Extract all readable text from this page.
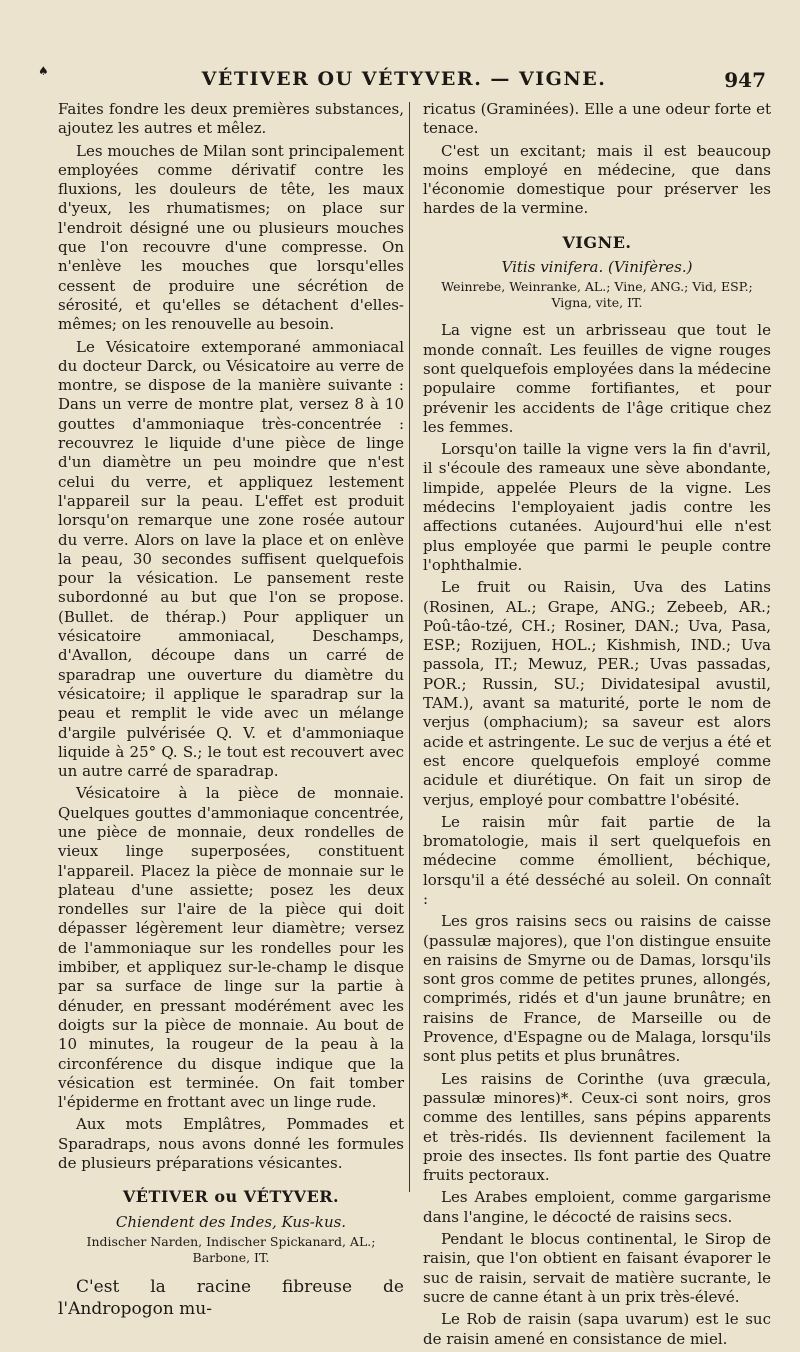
♠	VÉTIVER OU VÉTYVER. — VIGNE.	947

Faites fondre les deux premières substances, ajoutez les autres et mêlez.

Les mouches de Milan sont principalement employées comme dérivatif contre les fluxions, les douleurs de tête, les maux d'yeux, les rhumatismes; on place sur l'endroit désigné une ou plusieurs mouches que l'on recouvre d'une compresse. On n'enlève les mouches que lorsqu'elles cessent de produire une sécrétion de sérosité, et qu'elles se détachent d'elles-mêmes; on les renouvelle au besoin.

Le Vésicatoire extemporané ammoniacal du docteur Darck, ou Vésicatoire au verre de montre, se dispose de la manière suivante : Dans un verre de montre plat, versez 8 à 10 gouttes d'ammoniaque très-concentrée : recouvrez le liquide d'une pièce de linge d'un diamètre un peu moindre que n'est celui du verre, et appliquez lestement l'appareil sur la peau. L'effet est produit lorsqu'on remarque une zone rosée autour du verre. Alors on lave la place et on enlève la peau, 30 secondes suffisent quelquefois pour la vésication. Le pansement reste subordonné au but que l'on se propose. (Bullet. de thérap.) Pour appliquer un vésicatoire ammoniacal, Deschamps, d'Avallon, découpe dans un carré de sparadrap une ouverture du diamètre du vésicatoire; il applique le sparadrap sur la peau et remplit le vide avec un mélange d'argile pulvérisée Q. V. et d'ammoniaque liquide à 25° Q. S.; le tout est recouvert avec un autre carré de sparadrap.

Vésicatoire à la pièce de monnaie. Quelques gouttes d'ammoniaque concentrée, une pièce de monnaie, deux rondelles de vieux linge superposées, constituent l'appareil. Placez la pièce de monnaie sur le plateau d'une assiette; posez les deux rondelles sur l'aire de la pièce qui doit dépasser légèrement leur diamètre; versez de l'ammoniaque sur les rondelles pour les imbiber, et appliquez sur-le-champ le disque par sa surface de linge sur la partie à dénuder, en pressant modérément avec les doigts sur la pièce de monnaie. Au bout de 10 minutes, la rougeur de la peau à la circonférence du disque indique que la vésication est terminée. On fait tomber l'épiderme en frottant avec un linge rude.

Aux mots Emplâtres, Pommades et Sparadraps, nous avons donné les formules de plusieurs préparations vésicantes.

VÉTIVER ou VÉTYVER.
Chiendent des Indes, Kus-kus.
Indischer Narden, Indischer Spickanard, AL.; Barbone, IT.

C'est la racine fibreuse de l'Andropogon mu-

ricatus (Graminées). Elle a une odeur forte et tenace.

C'est un excitant; mais il est beaucoup moins employé en médecine, que dans l'économie domestique pour préserver les hardes de la vermine.

VIGNE.
Vitis vinifera. (Vinifères.)
Weinrebe, Weinranke, AL.; Vine, ANG.; Vid, ESP.; Vigna, vite, IT.

La vigne est un arbrisseau que tout le monde connaît. Les feuilles de vigne rouges sont quelquefois employées dans la médecine populaire comme fortifiantes, et pour prévenir les accidents de l'âge critique chez les femmes.

Lorsqu'on taille la vigne vers la fin d'avril, il s'écoule des rameaux une sève abondante, limpide, appelée Pleurs de la vigne. Les médecins l'employaient jadis contre les affections cutanées. Aujourd'hui elle n'est plus employée que parmi le peuple contre l'ophthalmie.

Le fruit ou Raisin, Uva des Latins (Rosinen, AL.; Grape, ANG.; Zebeeb, AR.; Poû-tâo-tzé, CH.; Rosiner, DAN.; Uva, Pasa, ESP.; Rozijuen, HOL.; Kishmish, IND.; Uva passola, IT.; Mewuz, PER.; Uvas passadas, POR.; Russin, SU.; Dividatesipal avustil, TAM.), avant sa maturité, porte le nom de verjus (omphacium); sa saveur est alors acide et astringente. Le suc de verjus a été et est encore quelquefois employé comme acidule et diurétique. On fait un sirop de verjus, employé pour combattre l'obésité.

Le raisin mûr fait partie de la bromatologie, mais il sert quelquefois en médecine comme émollient, béchique, lorsqu'il a été desséché au soleil. On connaît :

Les gros raisins secs ou raisins de caisse (passulæ majores), que l'on distingue ensuite en raisins de Smyrne ou de Damas, lorsqu'ils sont gros comme de petites prunes, allongés, comprimés, ridés et d'un jaune brunâtre; en raisins de France, de Marseille ou de Provence, d'Espagne ou de Malaga, lorsqu'ils sont plus petits et plus brunâtres.

Les raisins de Corinthe (uva græcula, passulæ minores)*. Ceux-ci sont noirs, gros comme des lentilles, sans pépins apparents et très-ridés. Ils deviennent facilement la proie des insectes. Ils font partie des Quatre fruits pectoraux.

Les Arabes emploient, comme gargarisme dans l'angine, le décocté de raisins secs.

Pendant le blocus continental, le Sirop de raisin, que l'on obtient en faisant évaporer le suc de raisin, servait de matière sucrante, le sucre de canne étant à un prix très-élevé.

Le Rob de raisin (sapa uvarum) est le suc de raisin amené en consistance de miel.
